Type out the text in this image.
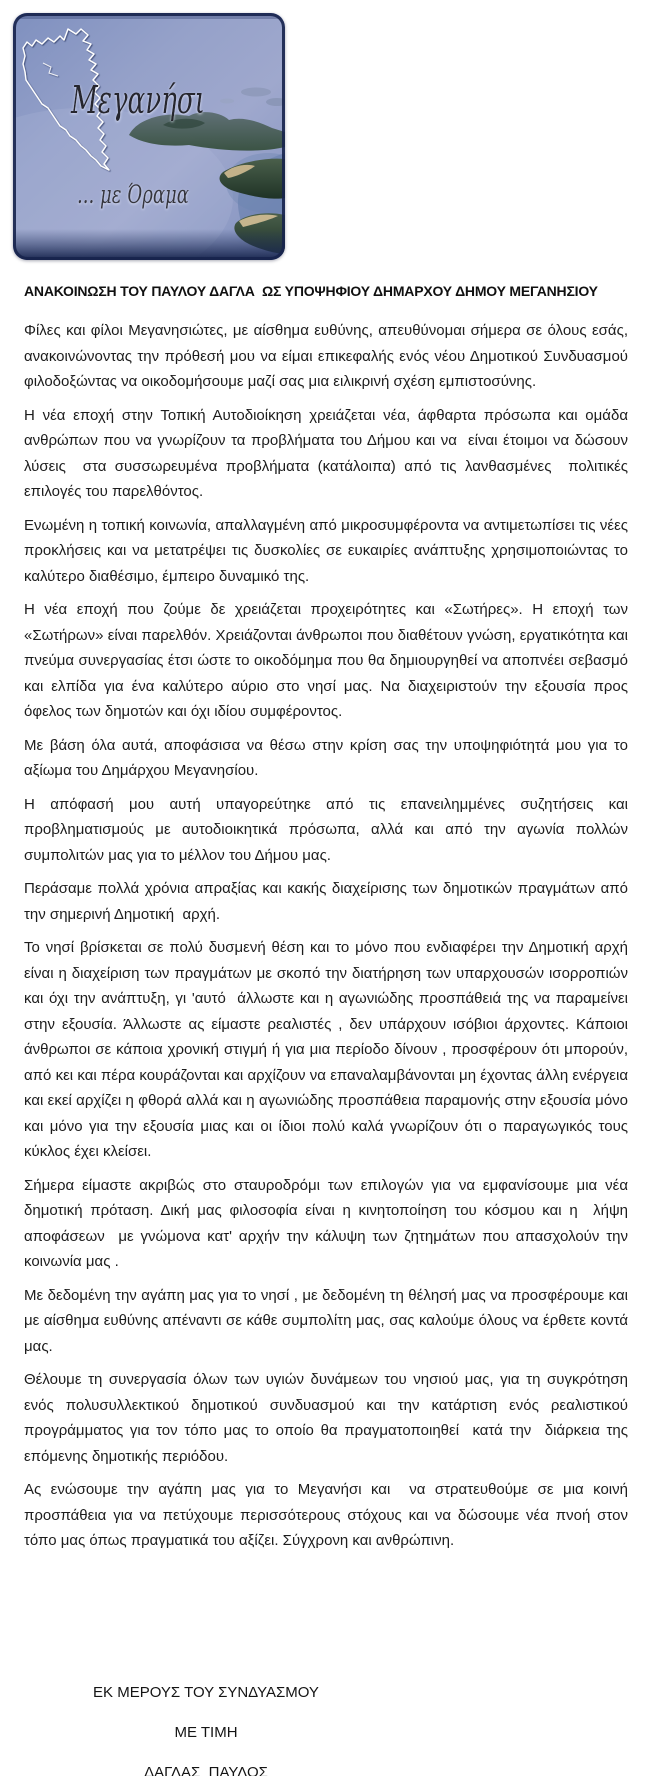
Μεγανήσι
... με Όραμα
ΑΝΑΚΟΙΝΩΣΗ ΤΟΥ ΠΑΥΛΟΥ ΔΑΓΛΑ  ΩΣ ΥΠΟΨΗΦΙΟΥ ΔΗΜΑΡΧΟΥ ΔΗΜΟΥ ΜΕΓΑΝΗΣΙΟΥ

Φίλες και φίλοι Μεγανησιώτες, με αίσθημα ευθύνης, απευθύνομαι σήμερα σε όλους εσάς, ανακοινώνοντας την πρόθεσή μου να είμαι επικεφαλής ενός νέου Δημοτικού Συνδυασμού φιλοδοξώντας να οικοδομήσουμε μαζί σας μια ειλικρινή σχέση εμπιστοσύνης.

Η νέα εποχή στην Τοπική Αυτοδιοίκηση χρειάζεται νέα, άφθαρτα πρόσωπα και ομάδα ανθρώπων που να γνωρίζουν τα προβλήματα του Δήμου και να  είναι έτοιμοι να δώσουν λύσεις  στα συσσωρευμένα προβλήματα (κατάλοιπα) από τις λανθασμένες  πολιτικές επιλογές του παρελθόντος.

Ενωμένη η τοπική κοινωνία, απαλλαγμένη από μικροσυμφέροντα να αντιμετωπίσει τις νέες προκλήσεις και να μετατρέψει τις δυσκολίες σε ευκαιρίες ανάπτυξης χρησιμοποιώντας το καλύτερο διαθέσιμο, έμπειρο δυναμικό της.

Η νέα εποχή που ζούμε δε χρειάζεται προχειρότητες και «Σωτήρες». Η εποχή των «Σωτήρων» είναι παρελθόν. Χρειάζονται άνθρωποι που διαθέτουν γνώση, εργατικότητα και πνεύμα συνεργασίας έτσι ώστε το οικοδόμημα που θα δημιουργηθεί να αποπνέει σεβασμό και ελπίδα για ένα καλύτερο αύριο στο νησί μας. Να διαχειριστούν την εξουσία προς όφελος των δημοτών και όχι ιδίου συμφέροντος.

Με βάση όλα αυτά, αποφάσισα να θέσω στην κρίση σας την υποψηφιότητά μου για το αξίωμα του Δημάρχου Μεγανησίου.

Η απόφασή μου αυτή υπαγορεύτηκε από τις επανειλημμένες συζητήσεις και προβληματισμούς με αυτοδιοικητικά πρόσωπα, αλλά και από την αγωνία πολλών συμπολιτών μας για το μέλλον του Δήμου μας.

Περάσαμε πολλά χρόνια απραξίας και κακής διαχείρισης των δημοτικών πραγμάτων από την σημερινή Δημοτική  αρχή.

Το νησί βρίσκεται σε πολύ δυσμενή θέση και το μόνο που ενδιαφέρει την Δημοτική αρχή είναι η διαχείριση των πραγμάτων με σκοπό την διατήρηση των υπαρχουσών ισορροπιών και όχι την ανάπτυξη, γι 'αυτό  άλλωστε και η αγωνιώδης προσπάθειά της να παραμείνει στην εξουσία. Άλλωστε ας είμαστε ρεαλιστές , δεν υπάρχουν ισόβιοι άρχοντες. Κάποιοι άνθρωποι σε κάποια χρονική στιγμή ή για μια περίοδο δίνουν , προσφέρουν ότι μπορούν, από κει και πέρα κουράζονται και αρχίζουν να επαναλαμβάνονται μη έχοντας άλλη ενέργεια και εκεί αρχίζει η φθορά αλλά και η αγωνιώδης προσπάθεια παραμονής στην εξουσία μόνο και μόνο για την εξουσία μιας και οι ίδιοι πολύ καλά γνωρίζουν ότι ο παραγωγικός τους κύκλος έχει κλείσει.

Σήμερα είμαστε ακριβώς στο σταυροδρόμι των επιλογών για να εμφανίσουμε μια νέα δημοτική πρόταση. Δική μας φιλοσοφία είναι η κινητοποίηση του κόσμου και η  λήψη αποφάσεων  με γνώμονα κατ' αρχήν την κάλυψη των ζητημάτων που απασχολούν την κοινωνία μας .

Με δεδομένη την αγάπη μας για το νησί , με δεδομένη τη θέλησή μας να προσφέρουμε και με αίσθημα ευθύνης απέναντι σε κάθε συμπολίτη μας, σας καλούμε όλους να έρθετε κοντά μας.

Θέλουμε τη συνεργασία όλων των υγιών δυνάμεων του νησιού μας, για τη συγκρότηση ενός πολυσυλλεκτικού δημοτικού συνδυασμού και την κατάρτιση ενός ρεαλιστικού προγράμματος για τον τόπο μας το οποίο θα πραγματοποιηθεί  κατά την  διάρκεια της επόμενης δημοτικής περιόδου.

Ας ενώσουμε την αγάπη μας για το Μεγανήσι και  να στρατευθούμε σε μια κοινή προσπάθεια για να πετύχουμε περισσότερους στόχους και να δώσουμε νέα πνοή στον τόπο μας όπως πραγματικά του αξίζει. Σύγχρονη και ανθρώπινη.

ΕΚ ΜΕΡΟΥΣ ΤΟΥ ΣΥΝΔΥΑΣΜΟΥ

ΜΕ ΤΙΜΗ

ΔΑΓΛΑΣ  ΠΑΥΛΟΣ
